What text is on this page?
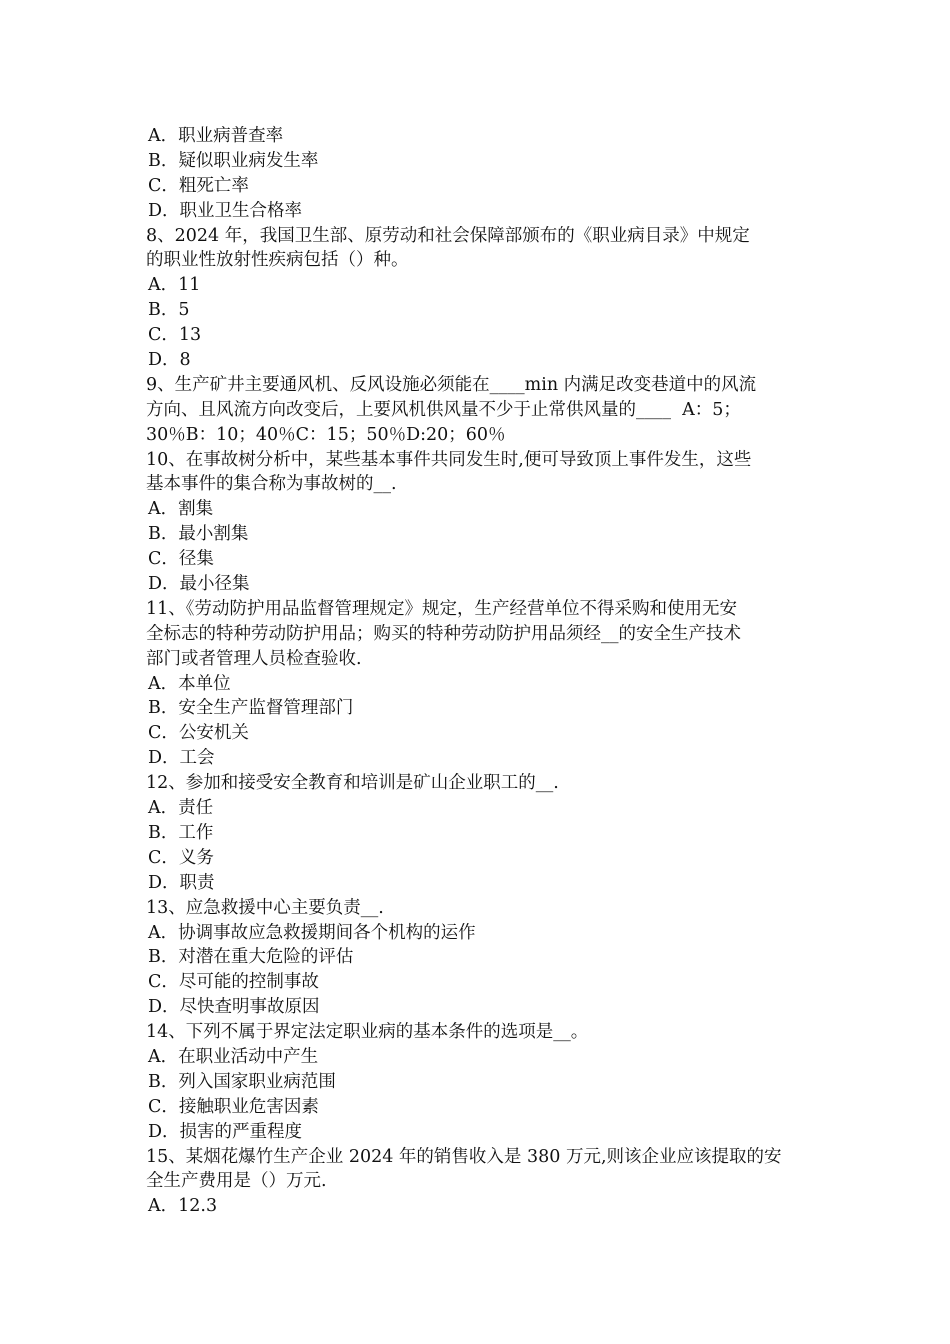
A．职业病普查率
B．疑似职业病发生率
C．粗死亡率
D．职业卫生合格率
8、2024 年，我国卫生部、原劳动和社会保障部颁布的《职业病目录》中规定
的职业性放射性疾病包括（）种。
A．11
B．5
C．13
D．8
9、生产矿井主要通风机、反风设施必须能在____min 内满足改变巷道中的风流
方向、且风流方向改变后，上要风机供风量不少于止常供风量的____  A：5；
30％B：10；40％C：15；50％D:20；60％
10、在事故树分析中，某些基本事件共同发生时,便可导致顶上事件发生，这些
基本事件的集合称为事故树的__.
A．割集
B．最小割集
C．径集
D．最小径集
11、《劳动防护用品监督管理规定》规定，生产经营单位不得采购和使用无安
全标志的特种劳动防护用品；购买的特种劳动防护用品须经__的安全生产技术
部门或者管理人员检查验收.
A．本单位
B．安全生产监督管理部门
C．公安机关
D．工会
12、参加和接受安全教育和培训是矿山企业职工的__.
A．责任
B．工作
C．义务
D．职责
13、应急救援中心主要负责__.
A．协调事故应急救援期间各个机构的运作
B．对潜在重大危险的评估
C．尽可能的控制事故
D．尽快查明事故原因
14、下列不属于界定法定职业病的基本条件的选项是__。
A．在职业活动中产生
B．列入国家职业病范围
C．接触职业危害因素
D．损害的严重程度
15、某烟花爆竹生产企业 2024 年的销售收入是 380 万元,则该企业应该提取的安
全生产费用是（）万元.
A．12.3
